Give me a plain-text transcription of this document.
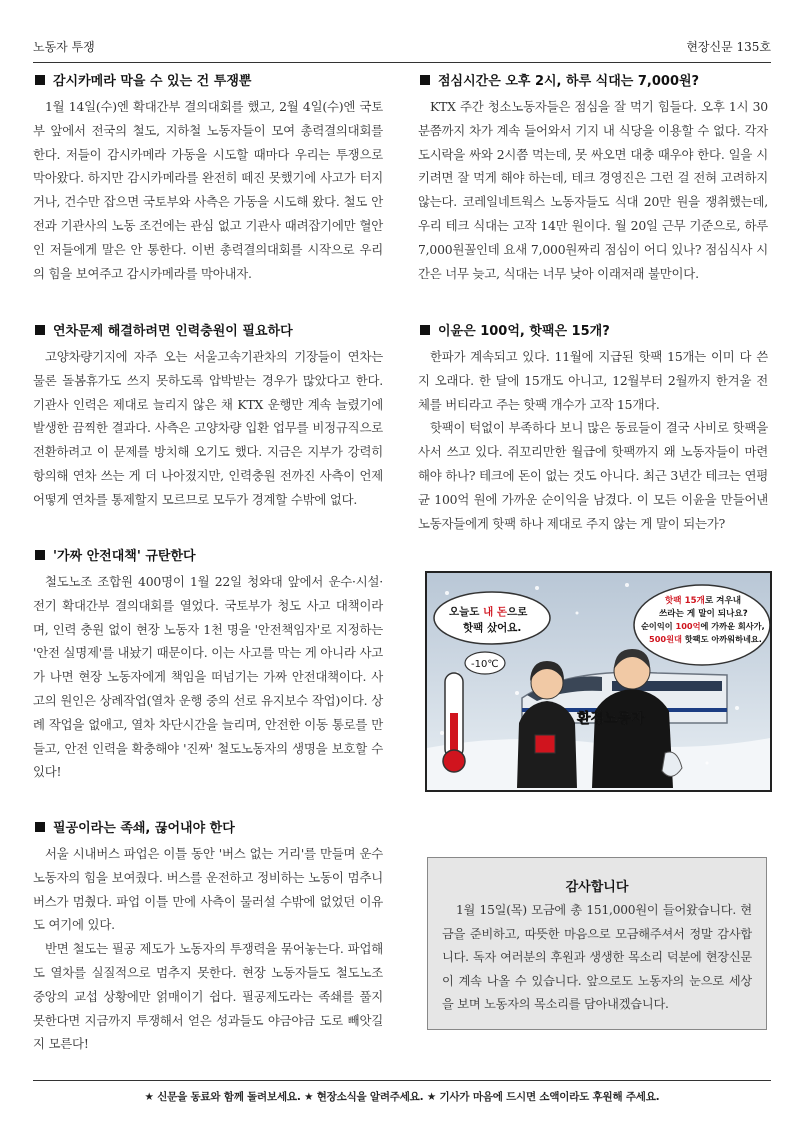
노동자 투쟁	현장신문 135호
감시카메라 막을 수 있는 건 투쟁뿐

1월 14일(수)엔 확대간부 결의대회를 했고, 2월 4일(수)엔 국토부 앞에서 전국의 철도, 지하철 노동자들이 모여 총력결의대회를 한다. 저들이 감시카메라 가동을 시도할 때마다 우리는 투쟁으로 막아왔다. 하지만 감시카메라를 완전히 떼진 못했기에 사고가 터지거나, 건수만 잡으면 국토부와 사측은 가동을 시도해 왔다. 철도 안전과 기관사의 노동 조건에는 관심 없고 기관사 때려잡기에만 혈안인 저들에게 말은 안 통한다. 이번 총력결의대회를 시작으로 우리의 힘을 보여주고 감시카메라를 막아내자.

연차문제 해결하려면 인력충원이 필요하다

고양차량기지에 자주 오는 서울고속기관차의 기장들이 연차는 물론 돌봄휴가도 쓰지 못하도록 압박받는 경우가 많았다고 한다. 기관사 인력은 제대로 늘리지 않은 채 KTX 운행만 계속 늘렸기에 발생한 끔찍한 결과다. 사측은 고양차량 입환 업무를 비정규직으로 전환하려고 이 문제를 방치해 오기도 했다. 지금은 지부가 강력히 항의해 연차 쓰는 게 더 나아졌지만, 인력충원 전까진 사측이 언제 어떻게 연차를 통제할지 모르므로 모두가 경계할 수밖에 없다.

'가짜 안전대책' 규탄한다

철도노조 조합원 400명이 1월 22일 청와대 앞에서 운수·시설·전기 확대간부 결의대회를 열었다. 국토부가 청도 사고 대책이라며, 인력 충원 없이 현장 노동자 1천 명을 '안전책임자'로 지정하는 '안전 실명제'를 내놨기 때문이다. 이는 사고를 막는 게 아니라 사고가 나면 현장 노동자에게 책임을 떠넘기는 가짜 안전대책이다. 사고의 원인은 상례작업(열차 운행 중의 선로 유지보수 작업)이다. 상례 작업을 없애고, 열차 차단시간을 늘리며, 안전한 이동 통로를 만들고, 안전 인력을 확충해야 '진짜' 철도노동자의 생명을 보호할 수 있다!

필공이라는 족쇄, 끊어내야 한다

서울 시내버스 파업은 이틀 동안 '버스 없는 거리'를 만들며 운수노동자의 힘을 보여줬다. 버스를 운전하고 정비하는 노동이 멈추니 버스가 멈췄다. 파업 이틀 만에 사측이 물러설 수밖에 없었던 이유도 여기에 있다.

반면 철도는 필공 제도가 노동자의 투쟁력을 묶어놓는다. 파업해도 열차를 실질적으로 멈추지 못한다. 현장 노동자들도 철도노조 중앙의 교섭 상황에만 얽매이기 쉽다. 필공제도라는 족쇄를 풀지 못한다면 지금까지 투쟁해서 얻은 성과들도 야금야금 도로 빼앗길지 모른다!

점심시간은 오후 2시, 하루 식대는 7,000원?

KTX 주간 청소노동자들은 점심을 잘 먹기 힘들다. 오후 1시 30분쯤까지 차가 계속 들어와서 기지 내 식당을 이용할 수 없다. 각자 도시락을 싸와 2시쯤 먹는데, 못 싸오면 대충 때우야 한다. 일을 시키려면 잘 먹게 해야 하는데, 테크 경영진은 그런 걸 전혀 고려하지 않는다. 코레일네트웍스 노동자들도 식대 20만 원을 쟁취했는데, 우리 테크 식대는 고작 14만 원이다. 월 20일 근무 기준으로, 하루 7,000원꼴인데 요새 7,000원짜리 점심이 어디 있나? 점심식사 시간은 너무 늦고, 식대는 너무 낮아 이래저래 불만이다.

이윤은 100억, 핫팩은 15개?

한파가 계속되고 있다. 11월에 지급된 핫팩 15개는 이미 다 쓴 지 오래다. 한 달에 15개도 아니고, 12월부터 2월까지 한겨울 전체를 버티라고 주는 핫팩 개수가 고작 15개다.

핫팩이 턱없이 부족하다 보니 많은 동료들이 결국 사비로 핫팩을 사서 쓰고 있다. 쥐꼬리만한 월급에 핫팩까지 왜 노동자들이 마련해야 하나? 테크에 돈이 없는 것도 아니다. 최근 3년간 테크는 연평균 100억 원에 가까운 순이익을 남겼다. 이 모든 이윤을 만들어낸 노동자들에게 핫팩 하나 제대로 주지 않는 게 말이 되는가?

-10℃
환경노동자
오늘도 내 돈으로
핫팩 샀어요.
핫팩 15개로 겨우내
쓰라는 게 말이 되나요?
순이익이 100억에 가까운 회사가,
500원대 핫팩도 아까워하네요.
감사합니다

1월 15일(목) 모금에 총 151,000원이 들어왔습니다. 현금을 준비하고, 따뜻한 마음으로 모금해주셔서 정말 감사합니다. 독자 여러분의 후원과 생생한 목소리 덕분에 현장신문이 계속 나올 수 있습니다. 앞으로도 노동자의 눈으로 세상을 보며 노동자의 목소리를 담아내겠습니다.

★ 신문을 동료와 함께 돌려보세요. ★ 현장소식을 알려주세요. ★ 기사가 마음에 드시면 소액이라도 후원해 주세요.
